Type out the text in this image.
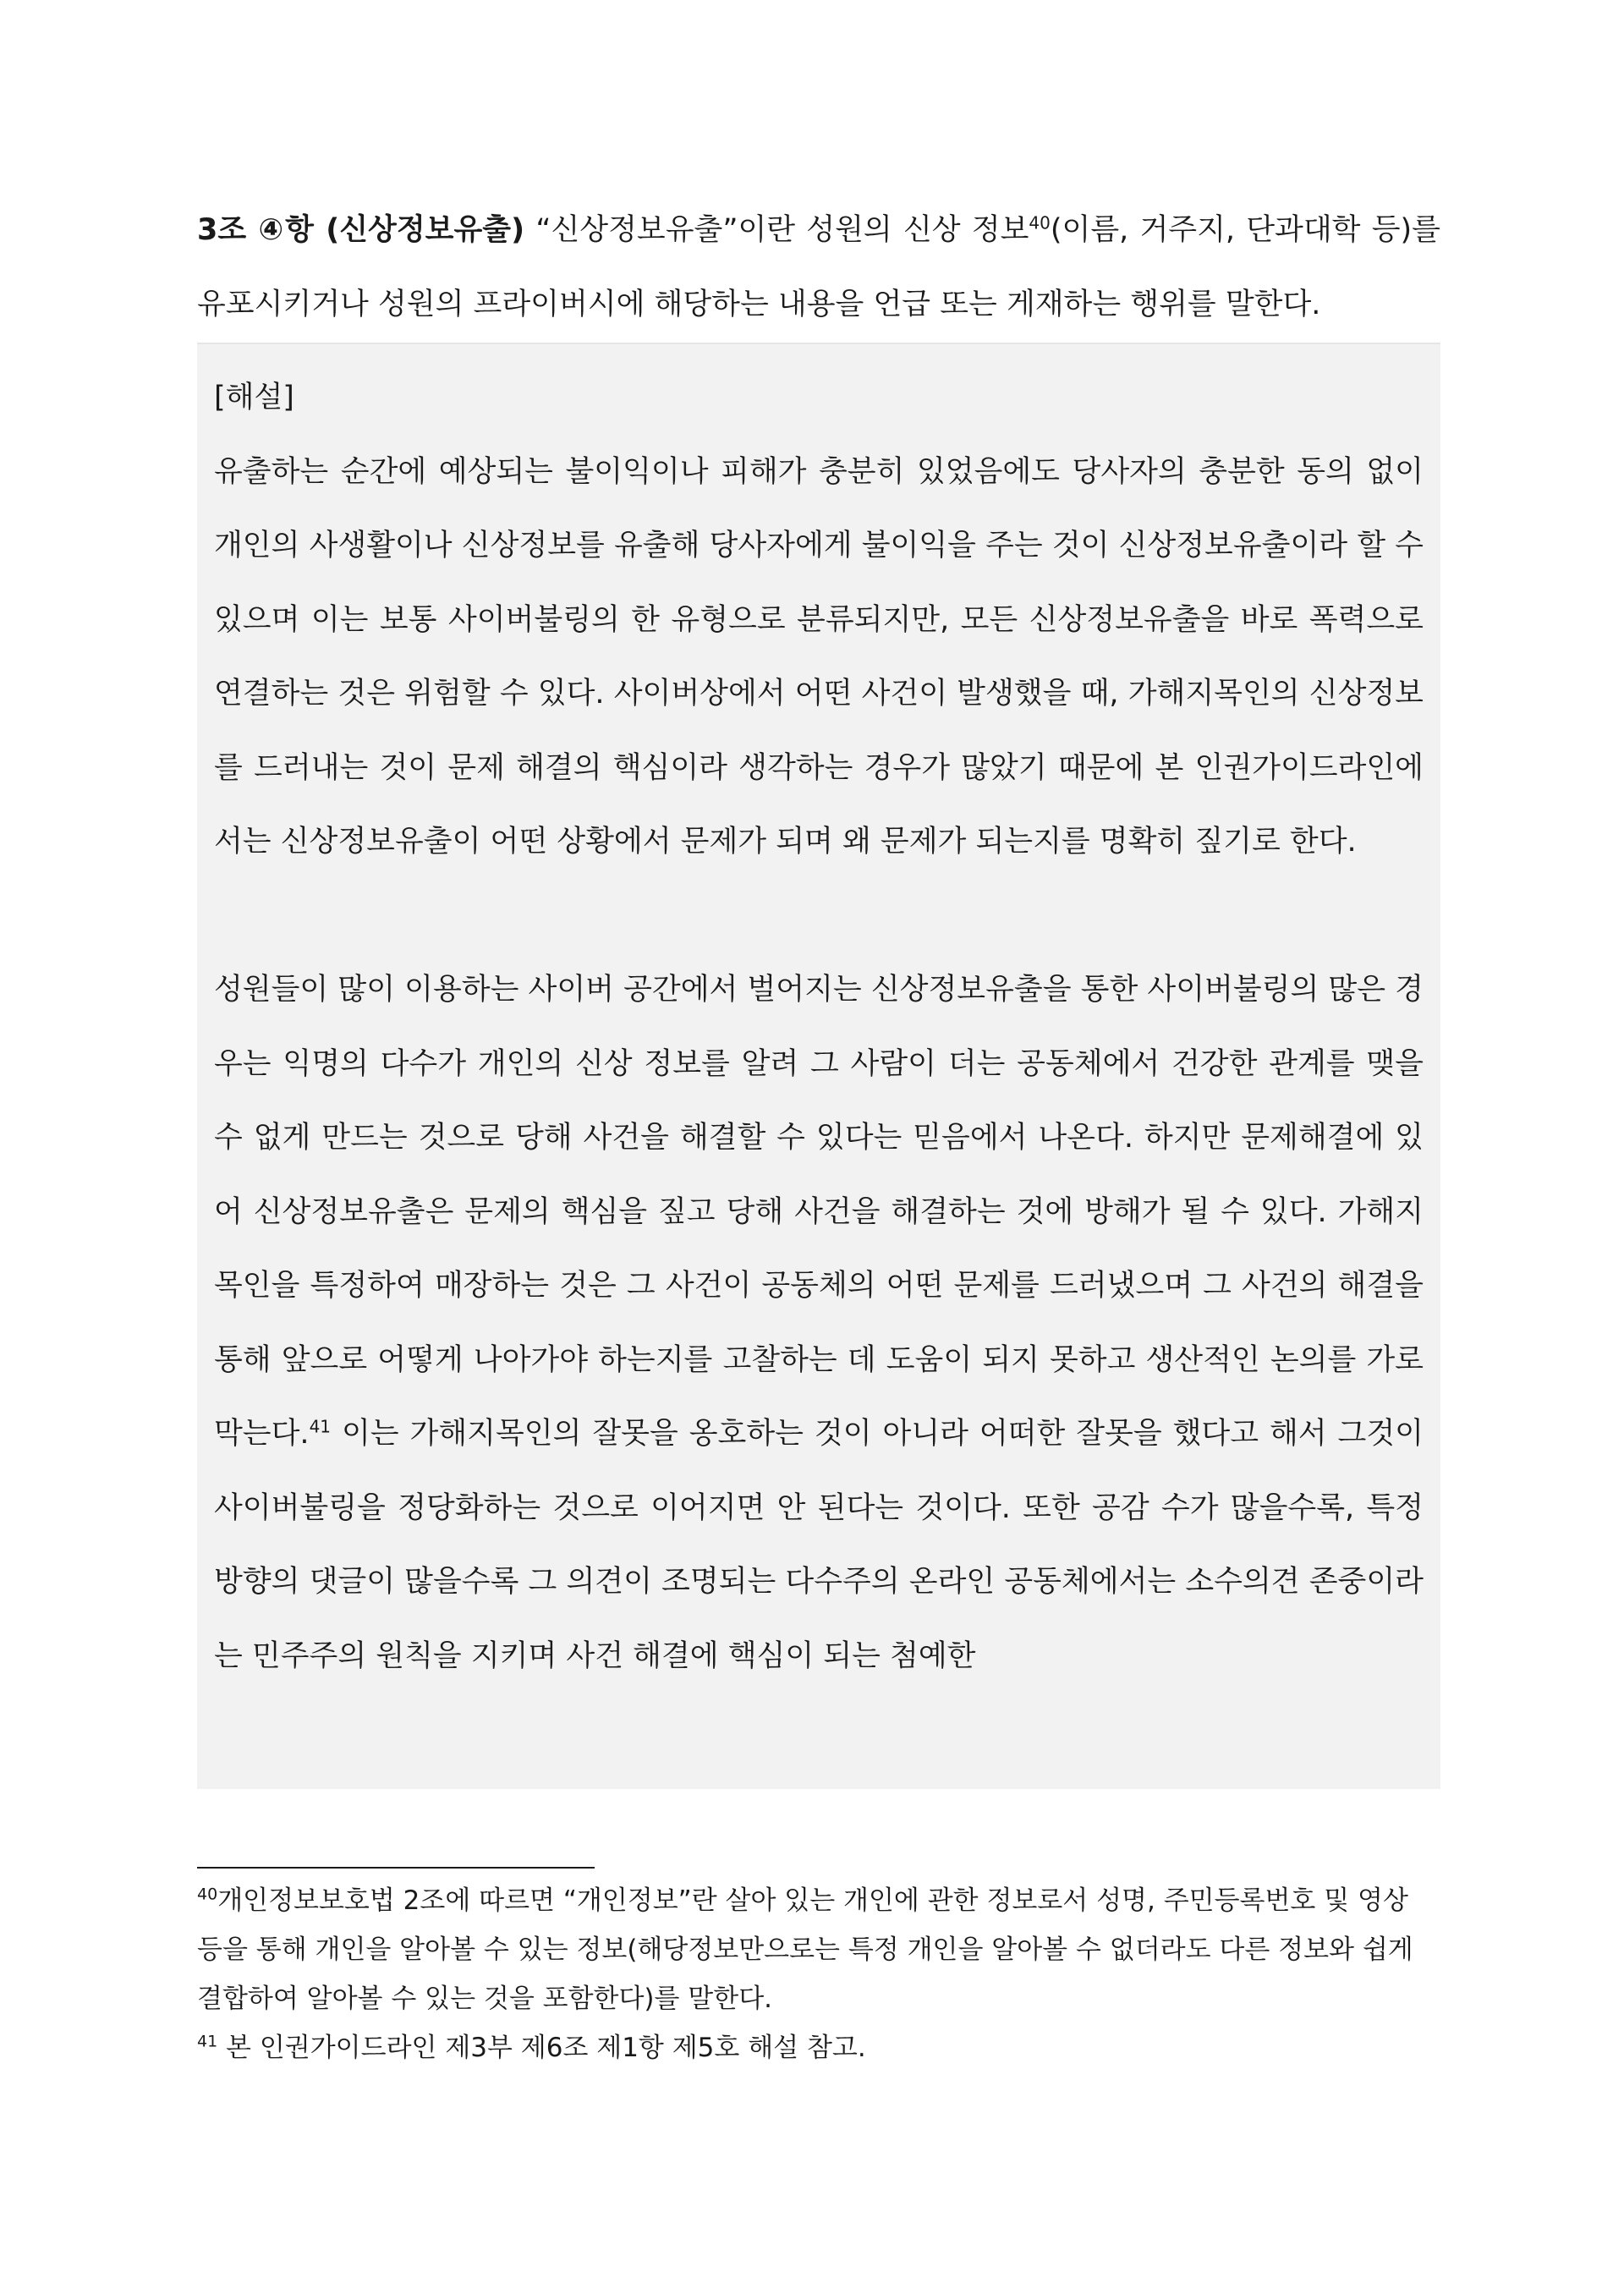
3조 ④항 (신상정보유출) “신상정보유출”이란 성원의 신상 정보$^{40}$(이름, 거주지, 단과대학 등)를 유포시키거나 성원의 프라이버시에 해당하는 내용을 언급 또는 게재하는 행위를 말한다.

[해설]

유출하는 순간에 예상되는 불이익이나 피해가 충분히 있었음에도 당사자의 충분한 동의 없이 개인의 사생활이나 신상정보를 유출해 당사자에게 불이익을 주는 것이 신상정보유출이라 할 수 있으며 이는 보통 사이버불링의 한 유형으로 분류되지만, 모든 신상정보유출을 바로 폭력으로 연결하는 것은 위험할 수 있다. 사이버상에서 어떤 사건이 발생했을 때, 가해지목인의 신상정보를 드러내는 것이 문제 해결의 핵심이라 생각하는 경우가 많았기 때문에 본 인권가이드라인에서는 신상정보유출이 어떤 상황에서 문제가 되며 왜 문제가 되는지를 명확히 짚기로 한다.

성원들이 많이 이용하는 사이버 공간에서 벌어지는 신상정보유출을 통한 사이버불링의 많은 경우는 익명의 다수가 개인의 신상 정보를 알려 그 사람이 더는 공동체에서 건강한 관계를 맺을 수 없게 만드는 것으로 당해 사건을 해결할 수 있다는 믿음에서 나온다. 하지만 문제해결에 있어 신상정보유출은 문제의 핵심을 짚고 당해 사건을 해결하는 것에 방해가 될 수 있다. 가해지목인을 특정하여 매장하는 것은 그 사건이 공동체의 어떤 문제를 드러냈으며 그 사건의 해결을 통해 앞으로 어떻게 나아가야 하는지를 고찰하는 데 도움이 되지 못하고 생산적인 논의를 가로막는다.$^{41}$ 이는 가해지목인의 잘못을 옹호하는 것이 아니라 어떠한 잘못을 했다고 해서 그것이 사이버불링을 정당화하는 것으로 이어지면 안 된다는 것이다. 또한 공감 수가 많을수록, 특정 방향의 댓글이 많을수록 그 의견이 조명되는 다수주의 온라인 공동체에서는 소수의견 존중이라는 민주주의 원칙을 지키며 사건 해결에 핵심이 되는 첨예한

$^{40}$개인정보보호법 2조에 따르면 “개인정보”란 살아 있는 개인에 관한 정보로서 성명, 주민등록번호 및 영상 등을 통해 개인을 알아볼 수 있는 정보(해당정보만으로는 특정 개인을 알아볼 수 없더라도 다른 정보와 쉽게 결합하여 알아볼 수 있는 것을 포함한다)를 말한다.

$^{41}$ 본 인권가이드라인 제3부 제6조 제1항 제5호 해설 참고.
